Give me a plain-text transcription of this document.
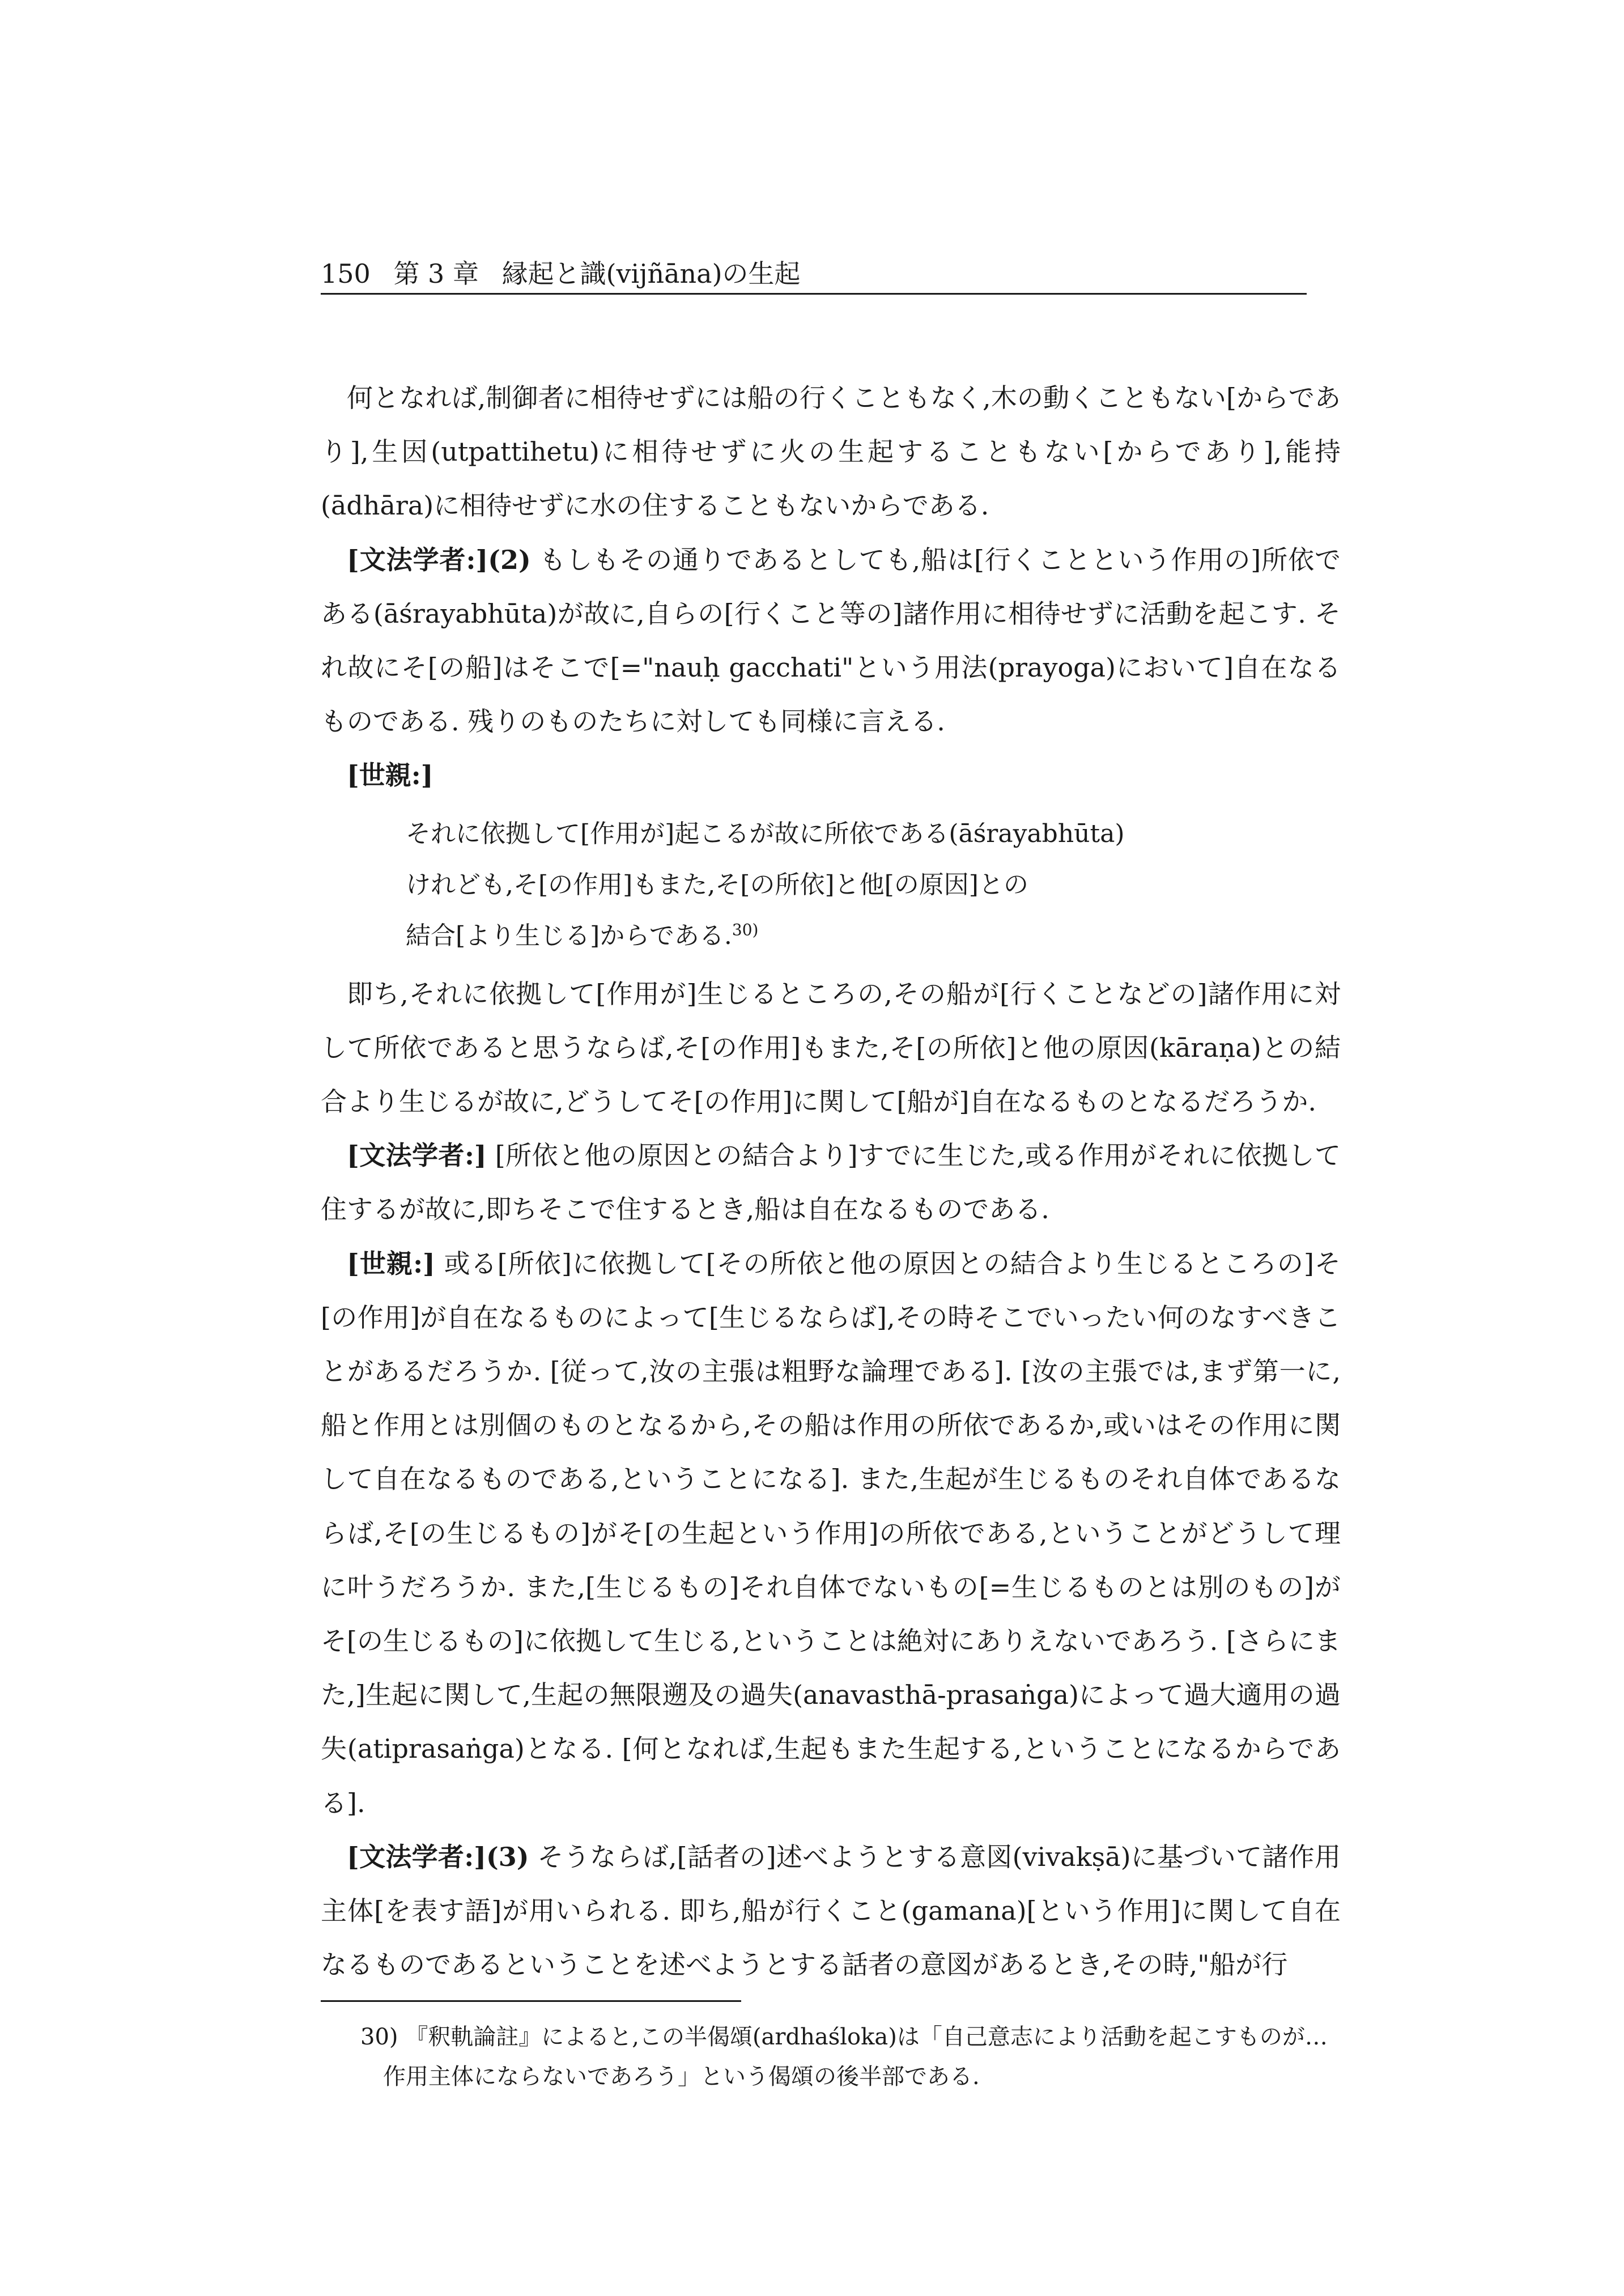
150 第 3 章 縁起と識(vijñāna)の生起

何となれば,制御者に相待せずには船の行くこともなく,木の動くこともない[からであり],生因(utpattihetu)に相待せずに火の生起することもない[からであり],能持(ādhāra)に相待せずに水の住することもないからである.

[文法学者:](2) もしもその通りであるとしても,船は[行くことという作用の]所依である(āśrayabhūta)が故に,自らの[行くこと等の]諸作用に相待せずに活動を起こす. それ故にそ[の船]はそこで[="nauḥ gacchati"という用法(prayoga)において]自在なるものである. 残りのものたちに対しても同様に言える.

[世親:]

それに依拠して[作用が]起こるが故に所依である(āśrayabhūta)
けれども,そ[の作用]もまた,そ[の所依]と他[の原因]との
結合[より生じる]からである.$^{30)}$

即ち,それに依拠して[作用が]生じるところの,その船が[行くことなどの]諸作用に対して所依であると思うならば,そ[の作用]もまた,そ[の所依]と他の原因(kāraṇa)との結合より生じるが故に,どうしてそ[の作用]に関して[船が]自在なるものとなるだろうか.

[文法学者:] [所依と他の原因との結合より]すでに生じた,或る作用がそれに依拠して住するが故に,即ちそこで住するとき,船は自在なるものである.

[世親:] 或る[所依]に依拠して[その所依と他の原因との結合より生じるところの]そ[の作用]が自在なるものによって[生じるならば],その時そこでいったい何のなすべきことがあるだろうか. [従って,汝の主張は粗野な論理である]. [汝の主張では,まず第一に,船と作用とは別個のものとなるから,その船は作用の所依であるか,或いはその作用に関して自在なるものである,ということになる]. また,生起が生じるものそれ自体であるならば,そ[の生じるもの]がそ[の生起という作用]の所依である,ということがどうして理に叶うだろうか. また,[生じるもの]それ自体でないもの[=生じるものとは別のもの]がそ[の生じるもの]に依拠して生じる,ということは絶対にありえないであろう. [さらにまた,]生起に関して,生起の無限遡及の過失(anavasthā-prasaṅga)によって過大適用の過失(atiprasaṅga)となる. [何となれば,生起もまた生起する,ということになるからである].

[文法学者:](3) そうならば,[話者の]述べようとする意図(vivakṣā)に基づいて諸作用主体[を表す語]が用いられる. 即ち,船が行くこと(gamana)[という作用]に関して自在なるものであるということを述べようとする話者の意図があるとき,その時,"船が行

30) 『釈軌論註』によると,この半偈頌(ardhaśloka)は「自己意志により活動を起こすものが…
作用主体にならないであろう」という偈頌の後半部である.
